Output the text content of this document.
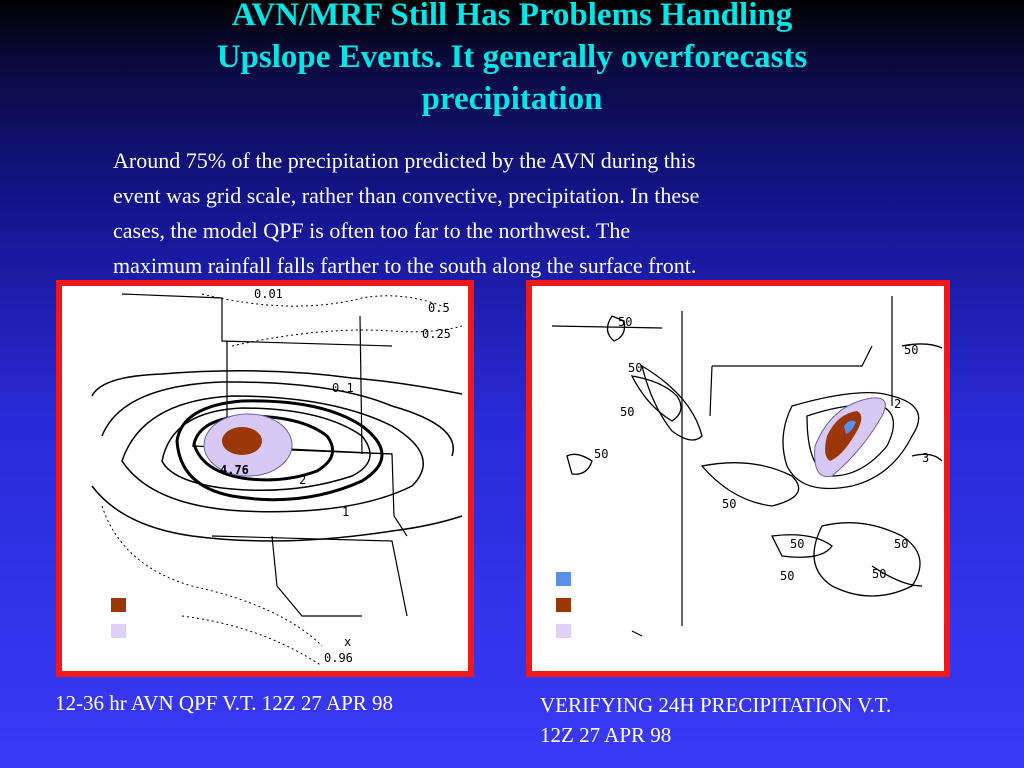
AVN/MRF Still Has Problems Handling
Upslope Events. It generally overforecasts
precipitation

Around 75% of the precipitation predicted by the AVN during this
event was grid scale, rather than convective, precipitation. In these
cases, the model QPF is often too far to the northwest. The
maximum rainfall falls farther to the south along the surface front.

0.01
0.5
0.25
0.1
4.76
2
1
x
0.96
50
50
50
50
50
50
50	50
50
50
2
3

12-36 hr AVN QPF V.T. 12Z 27 APR 98	VERIFYING 24H PRECIPITATION V.T.
12Z 27 APR 98
